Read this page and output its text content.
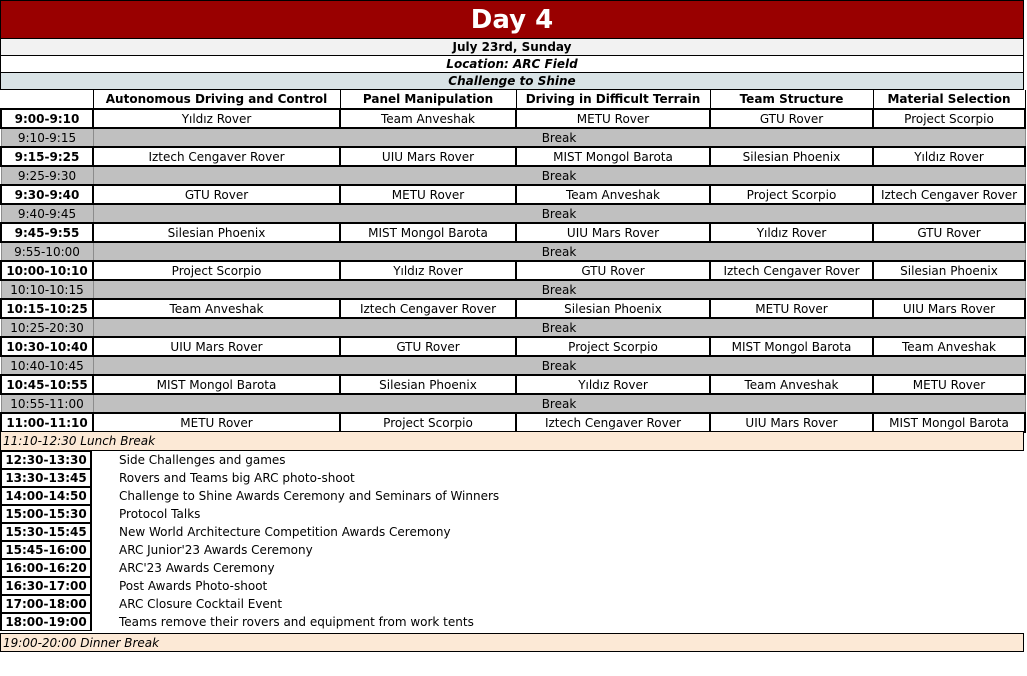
Day 4
July 23rd, Sunday
Location: ARC Field
Challenge to Shine
	Autonomous Driving and Control	Panel Manipulation	Driving in Difficult Terrain	Team Structure	Material Selection
9:00-9:10	Yıldız Rover	Team Anveshak	METU Rover	GTU Rover	Project Scorpio
9:10-9:15	Break				
9:15-9:25	Iztech Cengaver Rover	UIU Mars Rover	MIST Mongol Barota	Silesian Phoenix	Yıldız Rover
9:25-9:30	Break				
9:30-9:40	GTU Rover	METU Rover	Team Anveshak	Project Scorpio	Iztech Cengaver Rover
9:40-9:45	Break				
9:45-9:55	Silesian Phoenix	MIST Mongol Barota	UIU Mars Rover	Yıldız Rover	GTU Rover
9:55-10:00	Break				
10:00-10:10	Project Scorpio	Yıldız Rover	GTU Rover	Iztech Cengaver Rover	Silesian Phoenix
10:10-10:15	Break				
10:15-10:25	Team Anveshak	Iztech Cengaver Rover	Silesian Phoenix	METU Rover	UIU Mars Rover
10:25-20:30	Break				
10:30-10:40	UIU Mars Rover	GTU Rover	Project Scorpio	MIST Mongol Barota	Team Anveshak
10:40-10:45	Break				
10:45-10:55	MIST Mongol Barota	Silesian Phoenix	Yıldız Rover	Team Anveshak	METU Rover
10:55-11:00	Break				
11:00-11:10	METU Rover	Project Scorpio	Iztech Cengaver Rover	UIU Mars Rover	MIST Mongol Barota
11:10-12:30 Lunch Break
12:30-13:30	Side Challenges and games
13:30-13:45	Rovers and Teams big ARC photo-shoot
14:00-14:50	Challenge to Shine Awards Ceremony and Seminars of Winners
15:00-15:30	Protocol Talks
15:30-15:45	New World Architecture Competition Awards Ceremony
15:45-16:00	ARC Junior'23 Awards Ceremony
16:00-16:20	ARC'23 Awards Ceremony
16:30-17:00	Post Awards Photo-shoot
17:00-18:00	ARC Closure Cocktail Event
18:00-19:00	Teams remove their rovers and equipment from work tents
19:00-20:00 Dinner Break
